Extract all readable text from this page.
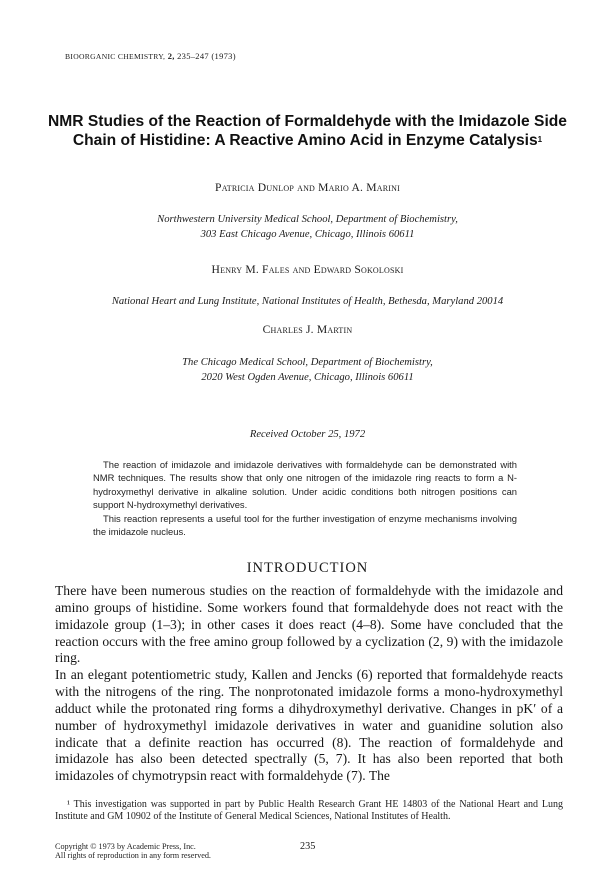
BIOORGANIC CHEMISTRY, 2, 235–247 (1973)
NMR Studies of the Reaction of Formaldehyde with the Imidazole Side Chain of Histidine: A Reactive Amino Acid in Enzyme Catalysis$^1$
Patricia Dunlop and Mario A. Marini
Northwestern University Medical School, Department of Biochemistry,
303 East Chicago Avenue, Chicago, Illinois 60611
Henry M. Fales and Edward Sokoloski
National Heart and Lung Institute, National Institutes of Health, Bethesda, Maryland 20014
Charles J. Martin
The Chicago Medical School, Department of Biochemistry,
2020 West Ogden Avenue, Chicago, Illinois 60611
Received October 25, 1972

The reaction of imidazole and imidazole derivatives with formaldehyde can be demonstrated with NMR techniques. The results show that only one nitrogen of the imidazole ring reacts to form a N-hydroxymethyl derivative in alkaline solution. Under acidic conditions both nitrogen positions can support N-hydroxymethyl derivatives.

This reaction represents a useful tool for the further investigation of enzyme mechanisms involving the imidazole nucleus.

INTRODUCTION

There have been numerous studies on the reaction of formaldehyde with the imidazole and amino groups of histidine. Some workers found that formaldehyde does not react with the imidazole group (1–3); in other cases it does react (4–8). Some have concluded that the reaction occurs with the free amino group followed by a cyclization (2, 9) with the imidazole ring.

In an elegant potentiometric study, Kallen and Jencks (6) reported that formaldehyde reacts with the nitrogens of the ring. The nonprotonated imidazole forms a mono-hydroxymethyl adduct while the protonated ring forms a dihydroxymethyl derivative. Changes in pK′ of a number of hydroxymethyl imidazole derivatives in water and guanidine solution also indicate that a definite reaction has occurred (8). The reaction of formaldehyde and imidazole has also been detected spectrally (5, 7). It has also been reported that both imidazoles of chymotrypsin react with formaldehyde (7). The

¹ This investigation was supported in part by Public Health Research Grant HE 14803 of the National Heart and Lung Institute and GM 10902 of the Institute of General Medical Sciences, National Institutes of Health.

Copyright © 1973 by Academic Press, Inc.
All rights of reproduction in any form reserved.
235
